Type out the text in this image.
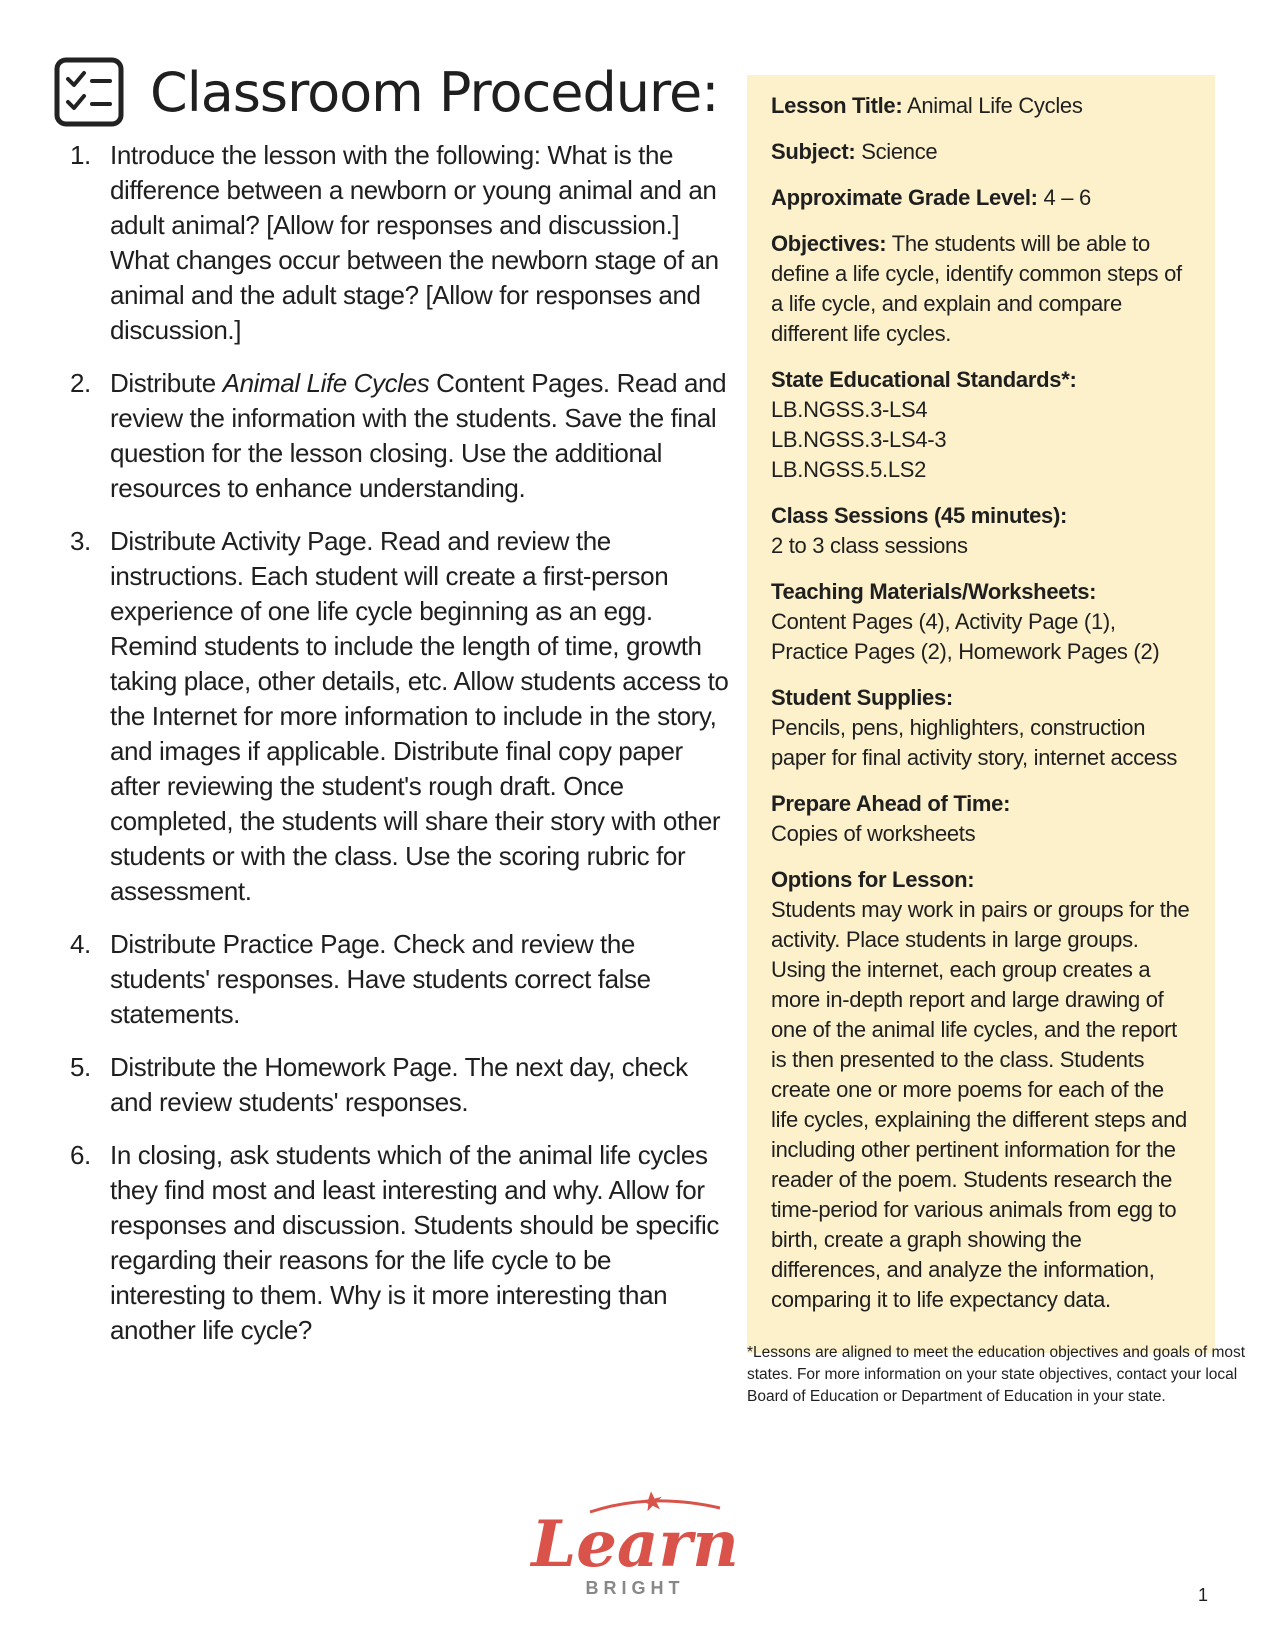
Classroom Procedure:
1. Introduce the lesson with the following: What is the difference between a newborn or young animal and an adult animal? [Allow for responses and discussion.] What changes occur between the newborn stage of an animal and the adult stage? [Allow for responses and discussion.]
2. Distribute Animal Life Cycles Content Pages. Read and review the information with the students. Save the final question for the lesson closing. Use the additional resources to enhance understanding.
3. Distribute Activity Page. Read and review the instructions. Each student will create a first-person experience of one life cycle beginning as an egg. Remind students to include the length of time, growth taking place, other details, etc. Allow students access to the Internet for more information to include in the story, and images if applicable. Distribute final copy paper after reviewing the student's rough draft. Once completed, the students will share their story with other students or with the class. Use the scoring rubric for assessment.
4. Distribute Practice Page. Check and review the students' responses. Have students correct false statements.
5. Distribute the Homework Page. The next day, check and review students' responses.
6. In closing, ask students which of the animal life cycles they find most and least interesting and why. Allow for responses and discussion. Students should be specific regarding their reasons for the life cycle to be interesting to them. Why is it more interesting than another life cycle?
Lesson Title: Animal Life Cycles
Subject: Science
Approximate Grade Level: 4 – 6
Objectives: The students will be able to define a life cycle, identify common steps of a life cycle, and explain and compare different life cycles.
State Educational Standards*:
LB.NGSS.3-LS4
LB.NGSS.3-LS4-3
LB.NGSS.5.LS2
Class Sessions (45 minutes):
2 to 3 class sessions
Teaching Materials/Worksheets:
Content Pages (4), Activity Page (1), Practice Pages (2), Homework Pages (2)
Student Supplies:
Pencils, pens, highlighters, construction paper for final activity story, internet access
Prepare Ahead of Time:
Copies of worksheets
Options for Lesson:
Students may work in pairs or groups for the activity. Place students in large groups. Using the internet, each group creates a more in-depth report and large drawing of one of the animal life cycles, and the report is then presented to the class. Students create one or more poems for each of the life cycles, explaining the different steps and including other pertinent information for the reader of the poem. Students research the time-period for various animals from egg to birth, create a graph showing the differences, and analyze the information, comparing it to life expectancy data.
*Lessons are aligned to meet the education objectives and goals of most states. For more information on your state objectives, contact your local Board of Education or Department of Education in your state.
Learn
BRIGHT	1
